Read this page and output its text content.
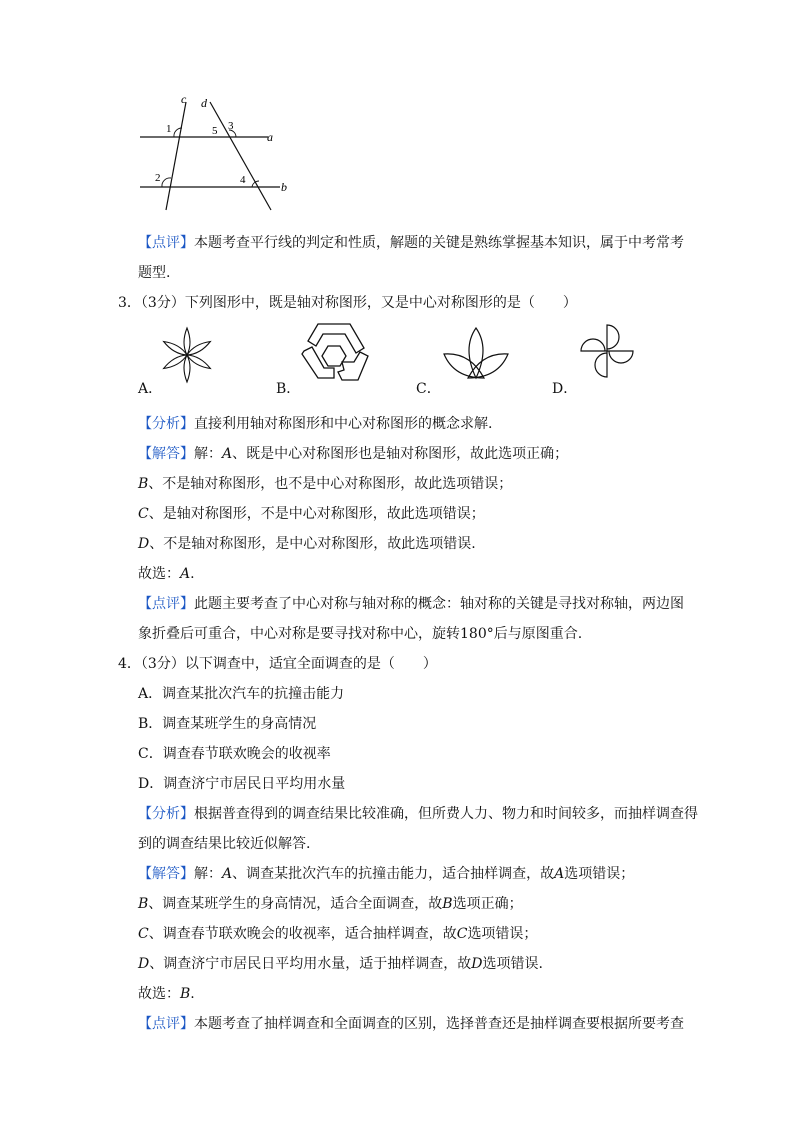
c d
1	5 3
a
2	4	b
【点评】本题考查平行线的判定和性质，解题的关键是熟练掌握基本知识，属于中考常考
题型.
3．（3分）下列图形中，既是轴对称图形，又是中心对称图形的是（　　）
A．	B．	C．	D．
【分析】直接利用轴对称图形和中心对称图形的概念求解.
【解答】解：A、既是中心对称图形也是轴对称图形，故此选项正确；
B、不是轴对称图形，也不是中心对称图形，故此选项错误；
C、是轴对称图形，不是中心对称图形，故此选项错误；
D、不是轴对称图形，是中心对称图形，故此选项错误.
故选：A.
【点评】此题主要考查了中心对称与轴对称的概念：轴对称的关键是寻找对称轴，两边图
象折叠后可重合，中心对称是要寻找对称中心，旋转180°后与原图重合.
4．（3分）以下调查中，适宜全面调查的是（　　）
A．调查某批次汽车的抗撞击能力
B．调查某班学生的身高情况
C．调查春节联欢晚会的收视率
D．调查济宁市居民日平均用水量
【分析】根据普查得到的调查结果比较准确，但所费人力、物力和时间较多，而抽样调查得
到的调查结果比较近似解答.
【解答】解：A、调查某批次汽车的抗撞击能力，适合抽样调查，故A选项错误；
B、调查某班学生的身高情况，适合全面调查，故B选项正确；
C、调查春节联欢晚会的收视率，适合抽样调查，故C选项错误；
D、调查济宁市居民日平均用水量，适于抽样调查，故D选项错误.
故选：B.
【点评】本题考查了抽样调查和全面调查的区别，选择普查还是抽样调查要根据所要考查
